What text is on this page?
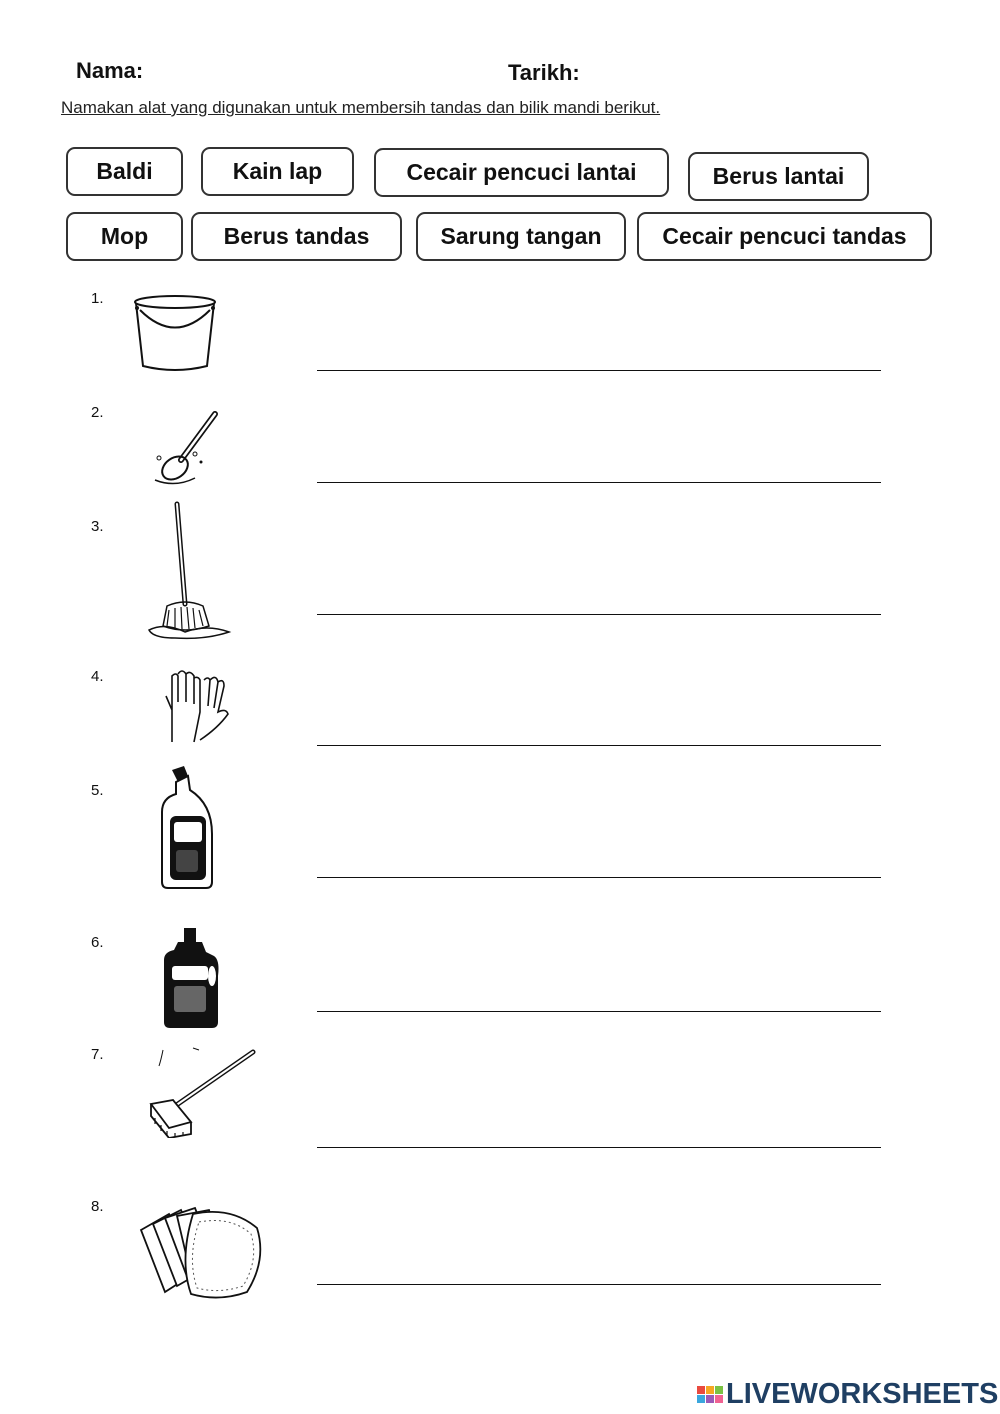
Nama:	Tarikh:
Namakan alat yang digunakan untuk membersih tandas dan bilik mandi berikut.
Baldi	Kain lap	Cecair pencuci lantai	Berus lantai
Mop	Berus tandas	Sarung tangan	Cecair pencuci tandas
1.
2.
3.
4.
5.
6.
7.
8.
LIVEWORKSHEETS
